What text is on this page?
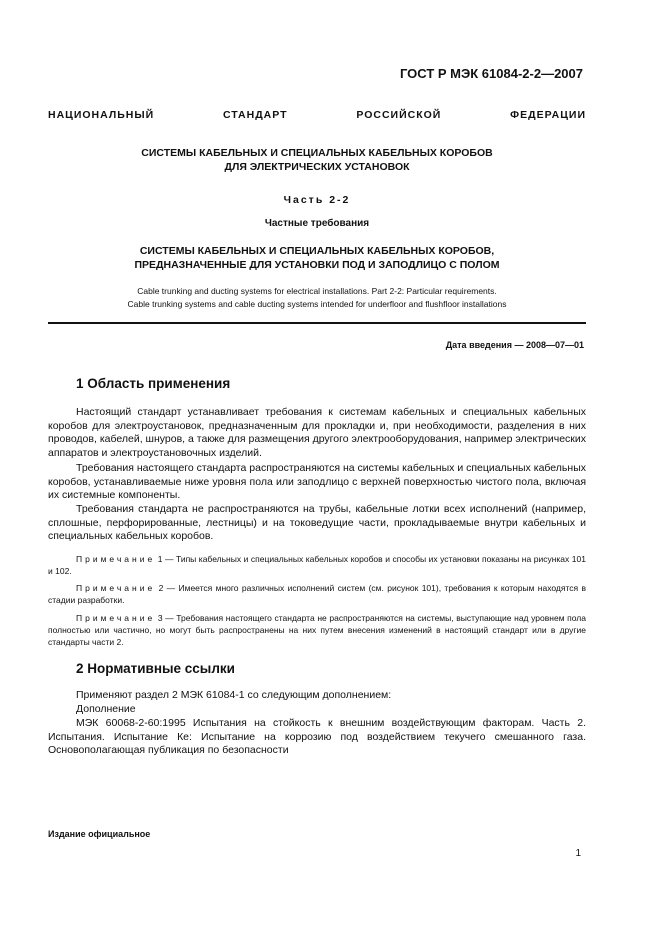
ГОСТ Р МЭК 61084-2-2—2007
НАЦИОНАЛЬНЫЙ СТАНДАРТ РОССИЙСКОЙ ФЕДЕРАЦИИ
СИСТЕМЫ КАБЕЛЬНЫХ И СПЕЦИАЛЬНЫХ КАБЕЛЬНЫХ КОРОБОВ
ДЛЯ ЭЛЕКТРИЧЕСКИХ УСТАНОВОК
Часть 2-2
Частные требования
СИСТЕМЫ КАБЕЛЬНЫХ И СПЕЦИАЛЬНЫХ КАБЕЛЬНЫХ КОРОБОВ,
ПРЕДНАЗНАЧЕННЫЕ ДЛЯ УСТАНОВКИ ПОД И ЗАПОДЛИЦО С ПОЛОМ
Cable trunking and ducting systems for electrical installations. Part 2-2: Particular requirements.
Cable trunking systems and cable ducting systems intended for underfloor and flushfloor installations
Дата введения — 2008—07—01
1 Область применения
Настоящий стандарт устанавливает требования к системам кабельных и специальных кабельных коробов для электроустановок, предназначенным для прокладки и, при необходимости, разделения в них проводов, кабелей, шнуров, а также для размещения другого электрооборудования, например электрических аппаратов и электроустановочных изделий.
Требования настоящего стандарта распространяются на системы кабельных и специальных кабельных коробов, устанавливаемые ниже уровня пола или заподлицо с верхней поверхностью чистого пола, включая их системные компоненты.
Требования стандарта не распространяются на трубы, кабельные лотки всех исполнений (например, сплошные, перфорированные, лестницы) и на токоведущие части, прокладываемые внутри кабельных и специальных кабельных коробов.
Примечание 1 — Типы кабельных и специальных кабельных коробов и способы их установки показаны на рисунках 101 и 102.
Примечание 2 — Имеется много различных исполнений систем (см. рисунок 101), требования к которым находятся в стадии разработки.
Примечание 3 — Требования настоящего стандарта не распространяются на системы, выступающие над уровнем пола полностью или частично, но могут быть распространены на них путем внесения изменений в настоящий стандарт или в другие стандарты части 2.
2 Нормативные ссылки
Применяют раздел 2 МЭК 61084-1 со следующим дополнением:
Дополнение
МЭК 60068-2-60:1995 Испытания на стойкость к внешним воздействующим факторам. Часть 2. Испытания. Испытание Ке: Испытание на коррозию под воздействием текучего смешанного газа. Основополагающая публикация по безопасности
Издание официальное
1
